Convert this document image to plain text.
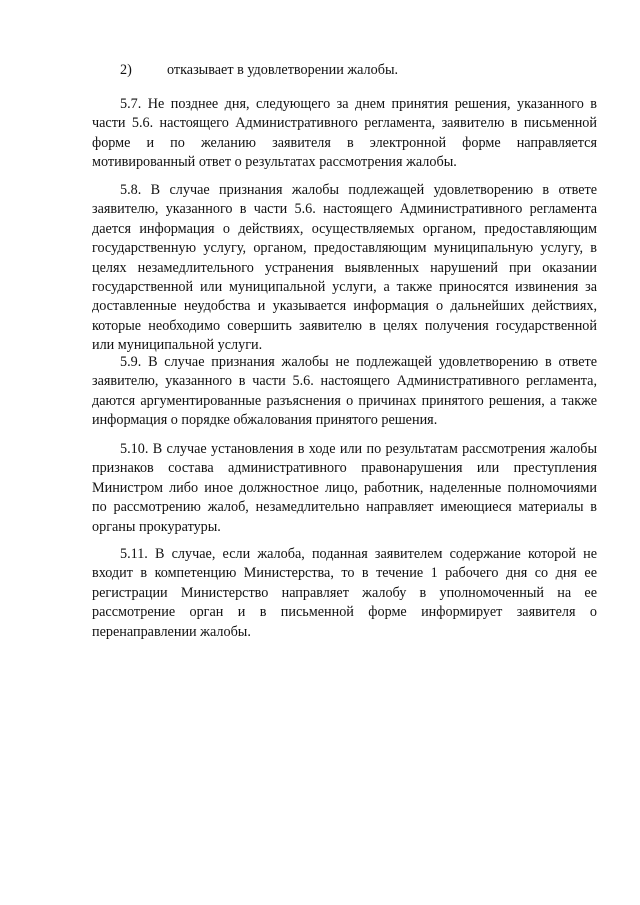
2) отказывает в удовлетворении жалобы.

5.7. Не позднее дня, следующего за днем принятия решения, указанного в части 5.6. настоящего Административного регламента, заявителю в письменной форме и по желанию заявителя в электронной форме направляется мотивированный ответ о результатах рассмотрения жалобы.

5.8. В случае признания жалобы подлежащей удовлетворению в ответе заявителю, указанного в части 5.6. настоящего Административного регламента дается информация о действиях, осуществляемых органом, предоставляющим государственную услугу, органом, предоставляющим муниципальную услугу, в целях незамедлительного устранения выявленных нарушений при оказании государственной или муниципальной услуги, а также приносятся извинения за доставленные неудобства и указывается информация о дальнейших действиях, которые необходимо совершить заявителю в целях получения государственной или муниципальной услуги.

5.9. В случае признания жалобы не подлежащей удовлетворению в ответе заявителю, указанного в части 5.6. настоящего Административного регламента, даются аргументированные разъяснения о причинах принятого решения, а также информация о порядке обжалования принятого решения.

5.10. В случае установления в ходе или по результатам рассмотрения жалобы признаков состава административного правонарушения или преступления Министром либо иное должностное лицо, работник, наделенные полномочиями по рассмотрению жалоб, незамедлительно направляет имеющиеся материалы в органы прокуратуры.

5.11. В случае, если жалоба, поданная заявителем содержание которой не входит в компетенцию Министерства, то в течение 1 рабочего дня со дня ее регистрации Министерство направляет жалобу в уполномоченный на ее рассмотрение орган и в письменной форме информирует заявителя о перенаправлении жалобы.
